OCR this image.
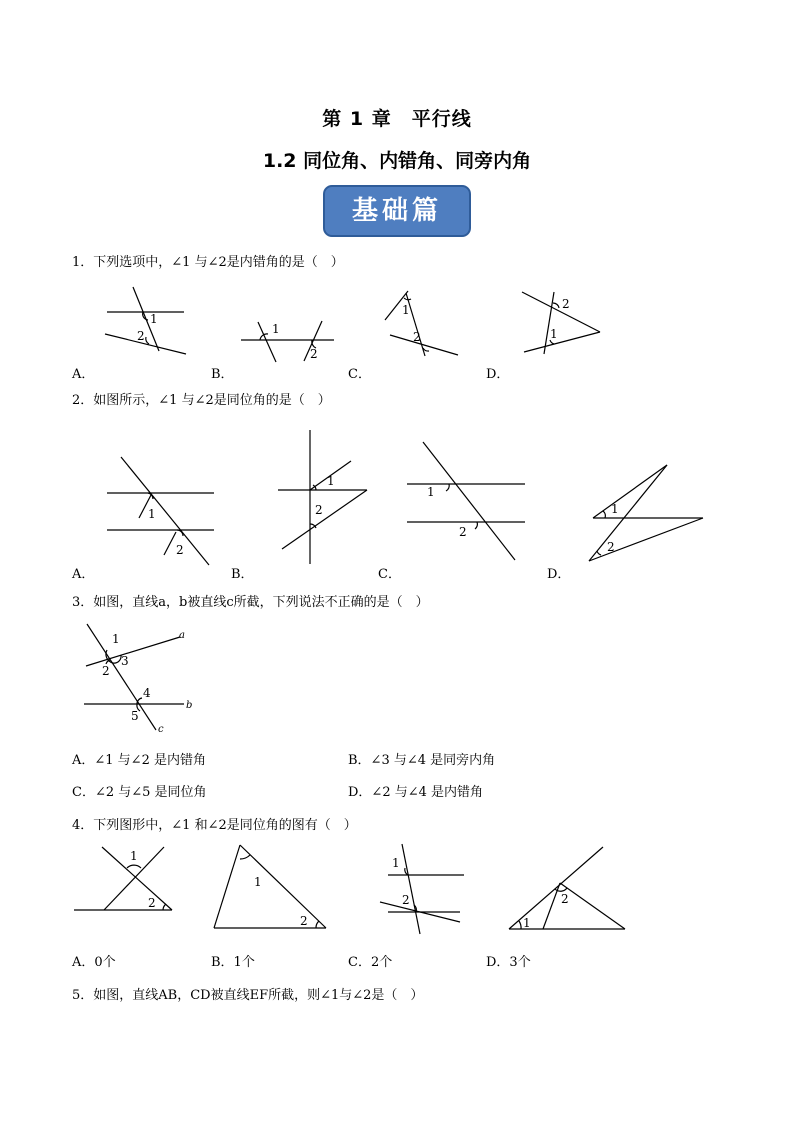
第 1 章　平行线
1.2 同位角、内错角、同旁内角
基础篇
1．下列选项中，∠1 与∠2是内错角的是（　）
1
2	1
2
1
2
2
1
A．	B．	C．	D．
2．如图所示，∠1 与∠2是同位角的是（　）
1
2
1
2
1
2
1
2
A．	B．	C．	D．
3．如图，直线a，b被直线c所截，下列说法不正确的是（　）
1
3
2
4
5
a
b
c
A．∠1 与∠2 是内错角	B．∠3 与∠4 是同旁内角
C．∠2 与∠5 是同位角	D．∠2 与∠4 是内错角
4．下列图形中，∠1 和∠2是同位角的图有（　）
1
2
1
2
1
2
1
2
A．0个	B．1个	C．2个	D．3个
5．如图，直线AB，CD被直线EF所截，则∠1与∠2是（　）
